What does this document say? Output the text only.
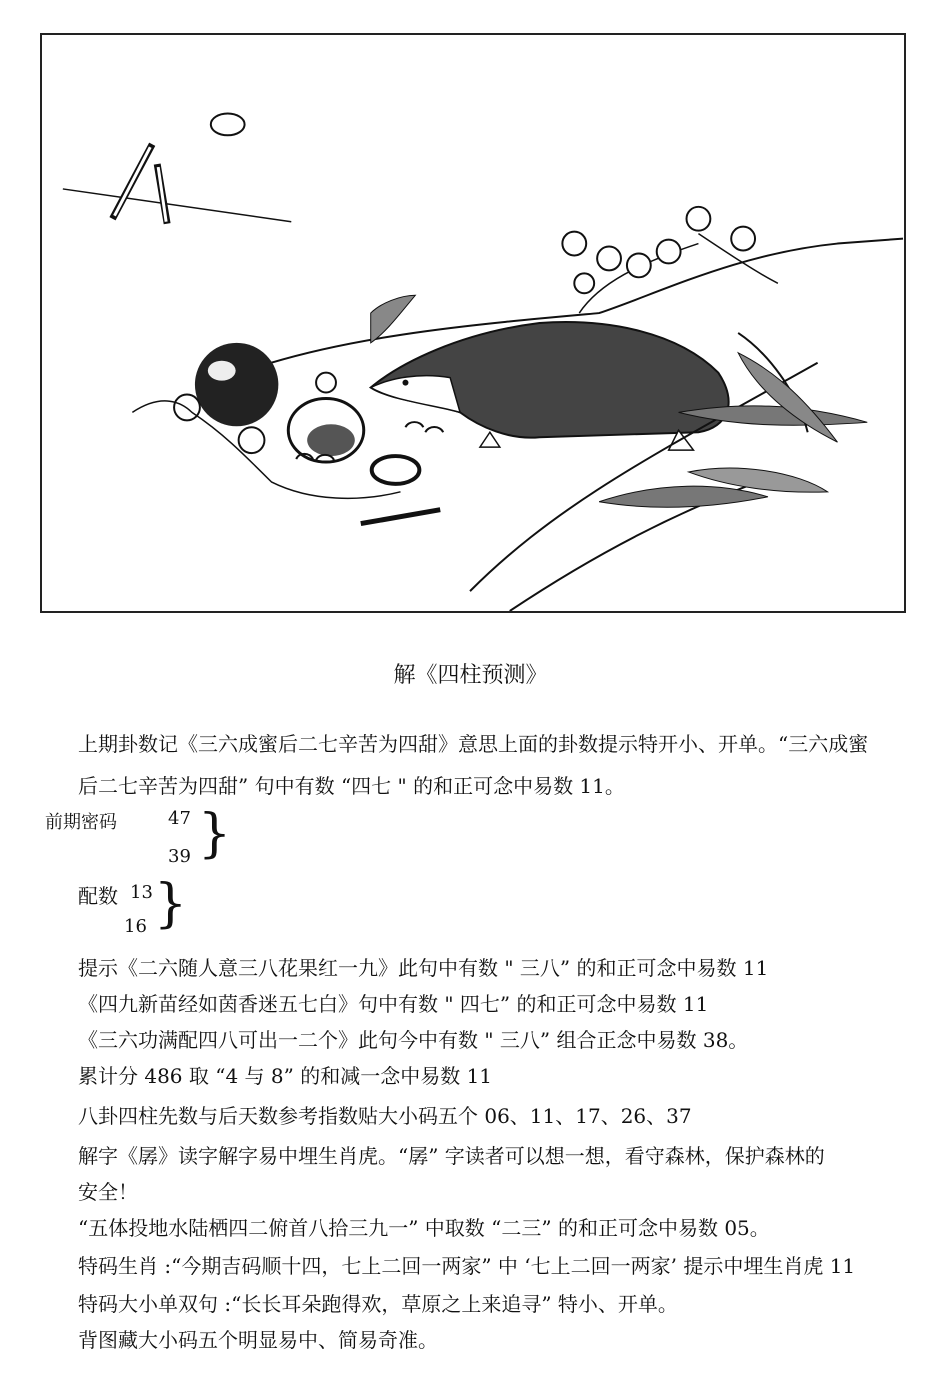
解《四柱预测》
上期卦数记《三六成蜜后二七辛苦为四甜》意思上面的卦数提示特开小、开单。“三六成蜜
后二七辛苦为四甜” 句中有数 “四七 " 的和正可念中易数 11。
前期密码	47
39 }
配数 13
16 }
提示《二六随人意三八花果红一九》此句中有数 " 三八” 的和正可念中易数 11
《四九新苗经如茵香迷五七白》句中有数 " 四七” 的和正可念中易数 11
《三六功满配四八可出一二个》此句今中有数 " 三八” 组合正念中易数 38。
累计分 486 取 “4 与 8” 的和减一念中易数 11
八卦四柱先数与后天数参考指数贴大小码五个 06、11、17、26、37
解字《孱》读字解字易中埋生肖虎。“孱” 字读者可以想一想，看守森林，保护森林的
安全！
“五体投地水陆栖四二俯首八拾三九一” 中取数 “二三” 的和正可念中易数 05。
特码生肖 :“今期吉码顺十四，七上二回一两家” 中 ‘七上二回一两家’ 提示中埋生肖虎 11
特码大小单双句 :“长长耳朵跑得欢，草原之上来追寻” 特小、开单。
背图藏大小码五个明显易中、简易奇准。
